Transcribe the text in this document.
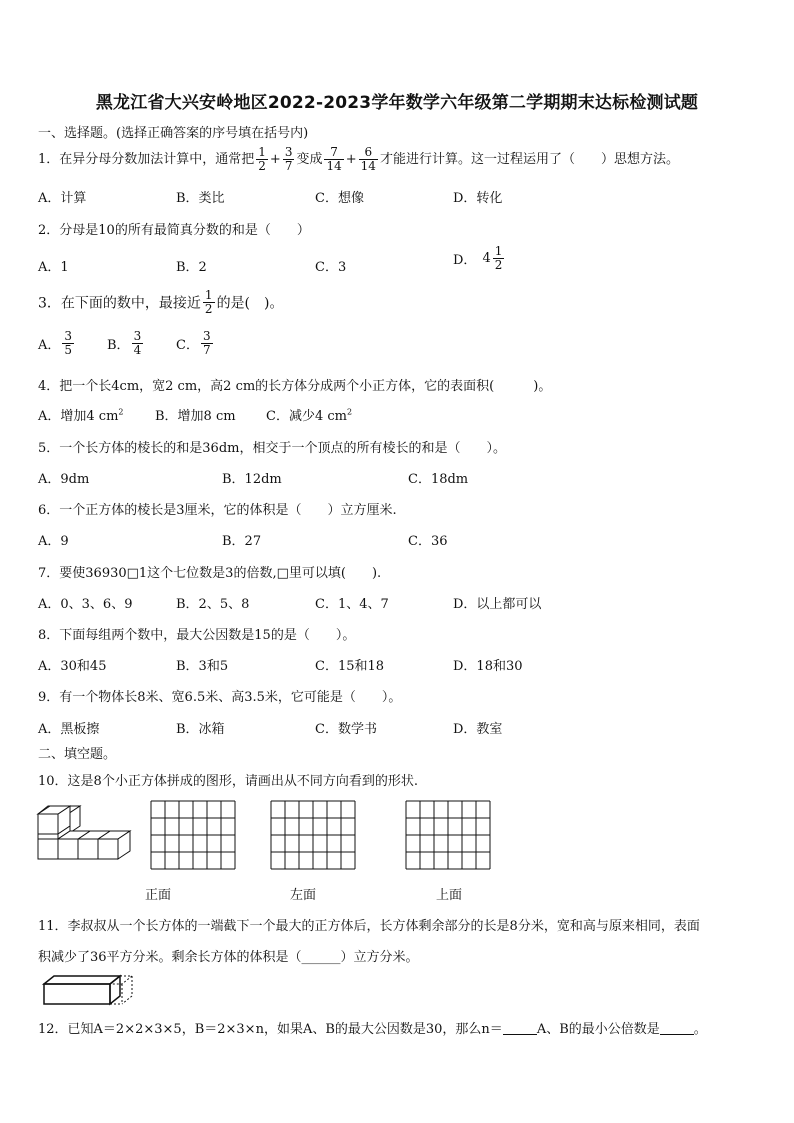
黑龙江省大兴安岭地区2022-2023学年数学六年级第二学期期末达标检测试题
一、选择题。(选择正确答案的序号填在括号内)
1．在异分母分数加法计算中，通常把 $\frac{1}{2} + \frac{3}{7}$ 变成 $\frac{7}{14} + \frac{6}{14}$ 才能进行计算。这一过程运用了（　　）思想方法。
A．计算	B．类比	C．想像	D．转化
2．分母是10的所有最简真分数的和是（　　）
A．1	B．2	C．3	D． $4 \frac{1}{2}$
3．在下面的数中，最接近 $\frac{1}{2}$ 的是(　)。
A． $\frac{3}{5}$	B． $\frac{3}{4}$	C． $\frac{3}{7}$
4．把一个长4cm，宽2 cm，高2 cm的长方体分成两个小正方体，它的表面积(　　　)。
A．增加4 $cm^2$ B．增加8 cm C．减少4 $cm^2$
5．一个长方体的棱长的和是36dm，相交于一个顶点的所有棱长的和是（　　）。
A．9dm	B．12dm	C．18dm
6．一个正方体的棱长是3厘米，它的体积是（　　）立方厘米.
A．9	B．27	C．36
7．要使36930□1这个七位数是3的倍数,□里可以填(　　).
A．0、3、6、9	B．2、5、8	C．1、4、7	D．以上都可以
8．下面每组两个数中，最大公因数是15的是（　　）。
A．30和45	B．3和5	C．15和18	D．18和30
9．有一个物体长8米、宽6.5米、高3.5米，它可能是（　　）。
A．黑板擦	B．冰箱	C．数学书	D．教室
二、填空题。
10．这是8个小正方体拼成的图形，请画出从不同方向看到的形状.
正面	左面	上面
11．李叔叔从一个长方体的一端截下一个最大的正方体后，长方体剩余部分的长是8分米，宽和高与原来相同，表面
积减少了36平方分米。剩余长方体的体积是（______）立方分米。
12．已知A＝2×2×3×5，B＝2×3×n，如果A、B的最大公因数是30，那么n＝	A、B的最小公倍数是	。
